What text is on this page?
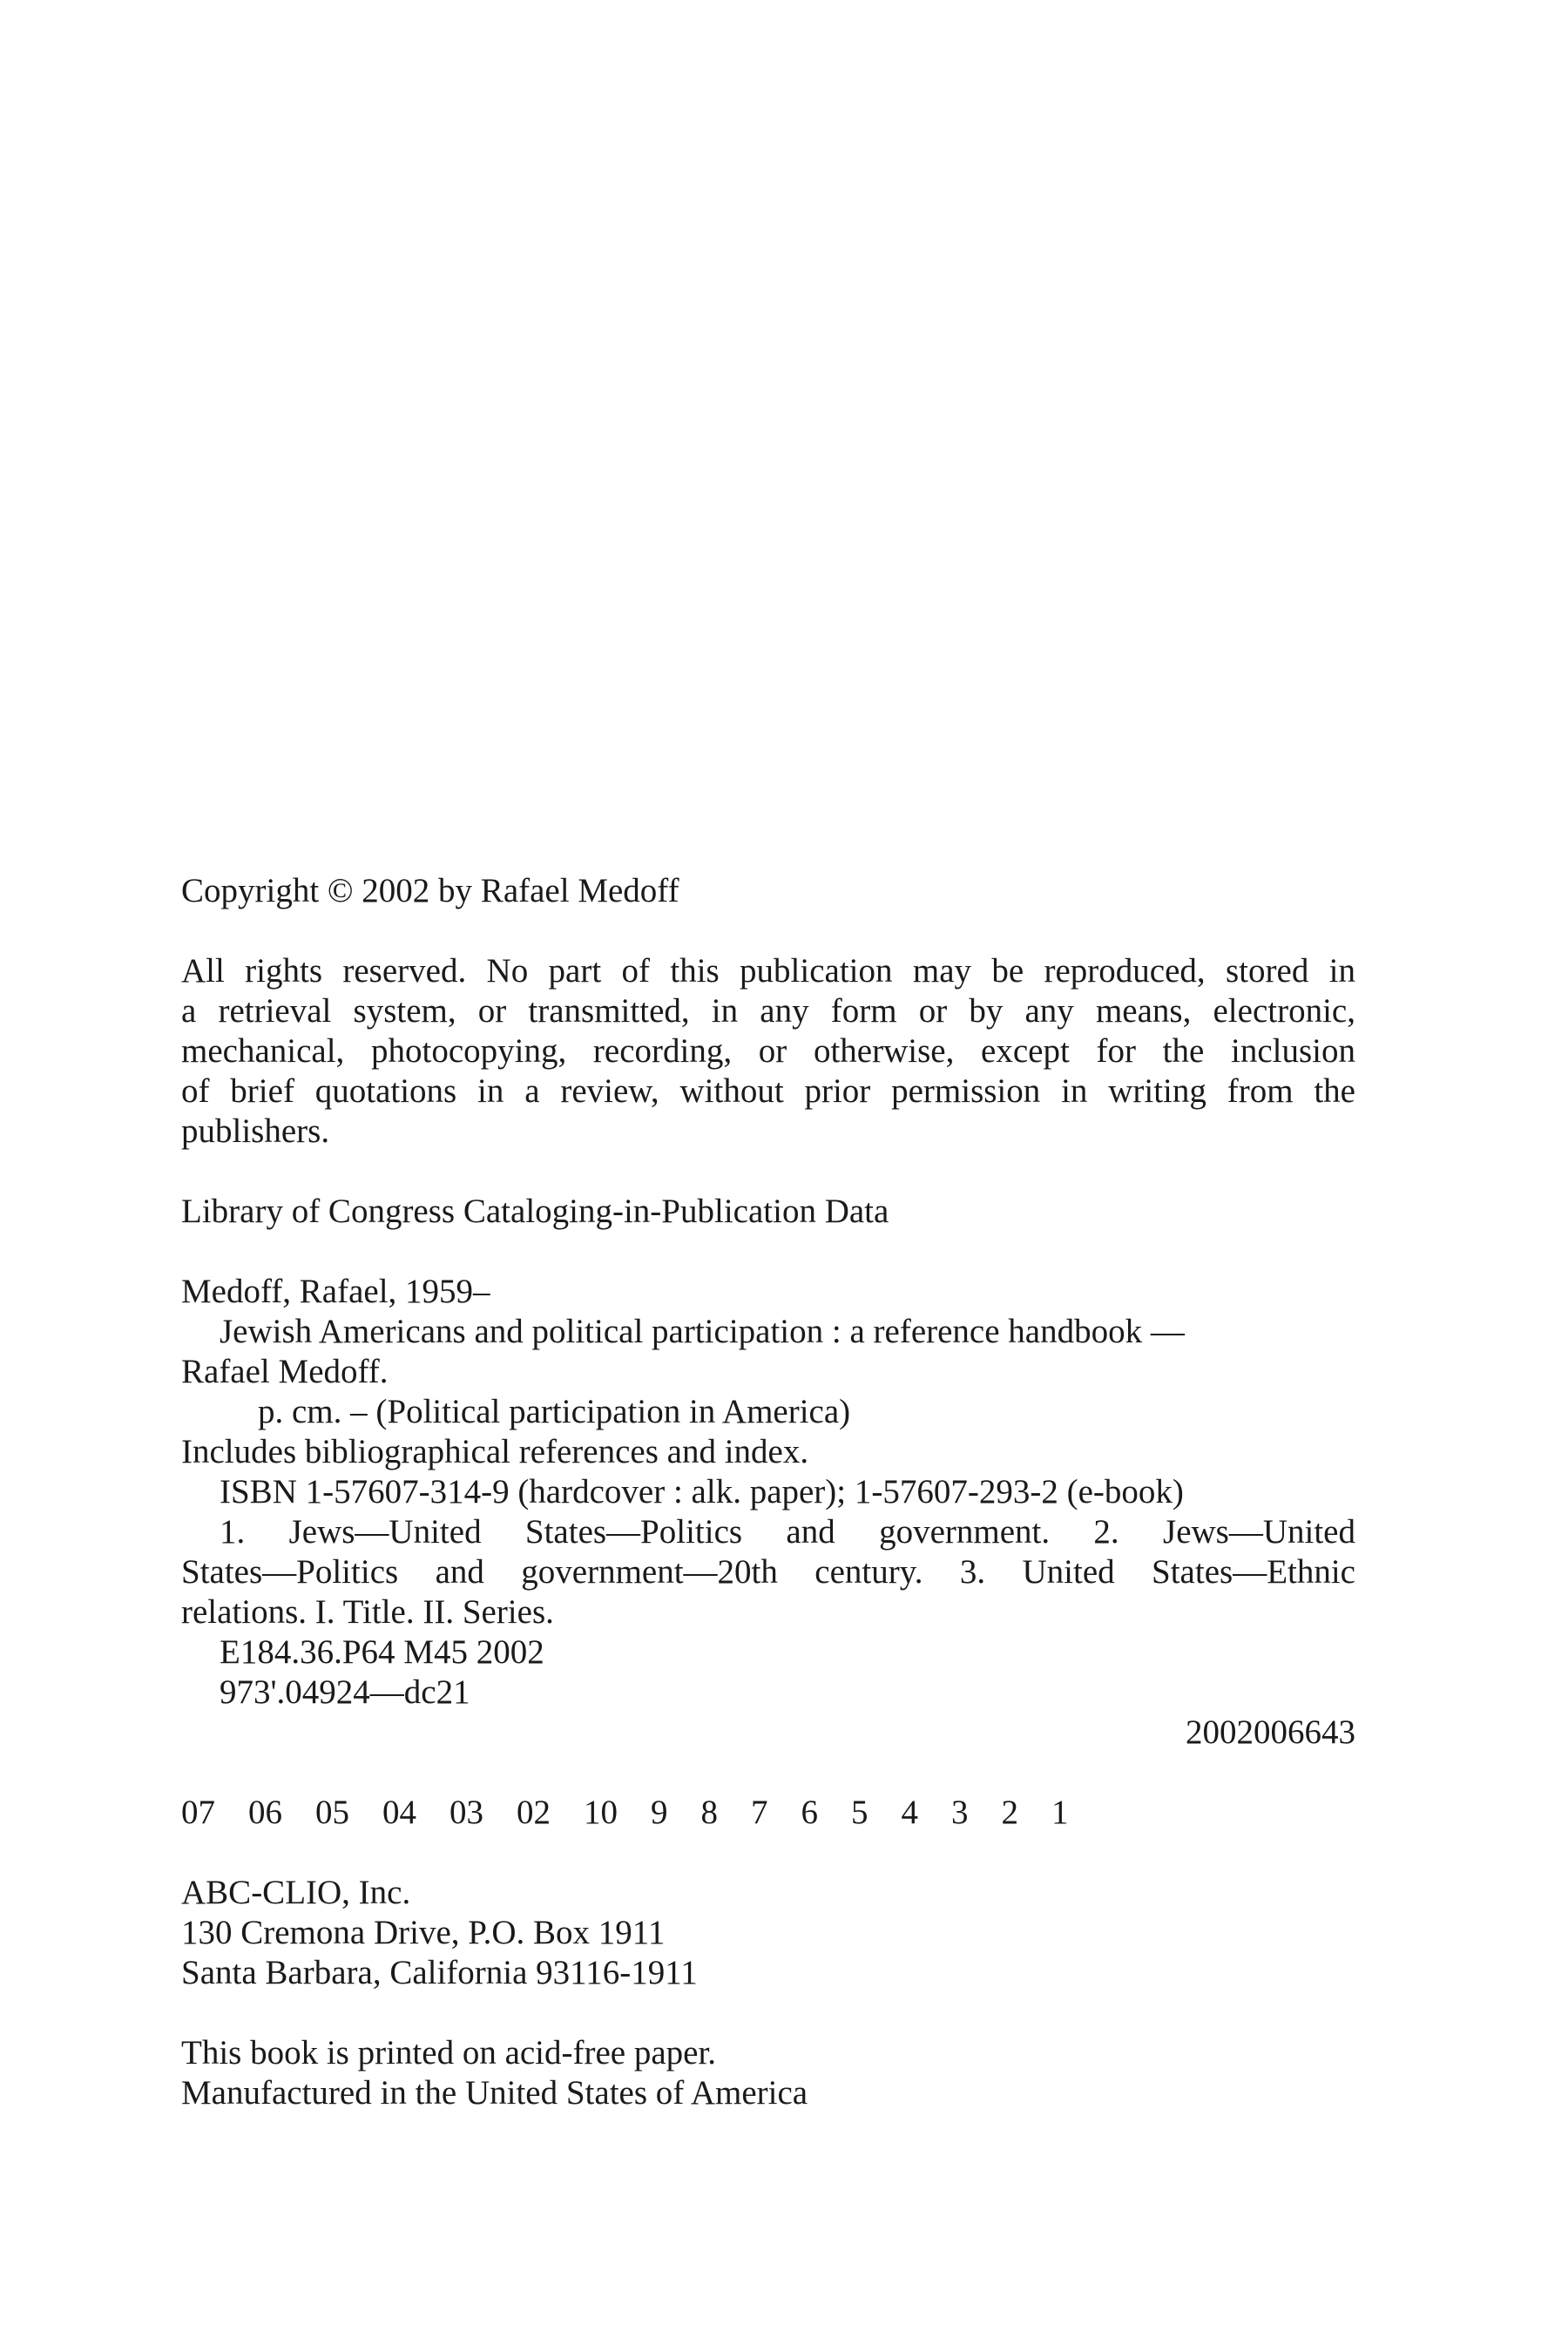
Copyright © 2002 by Rafael Medoff
All rights reserved. No part of this publication may be reproduced, stored in
a retrieval system, or transmitted, in any form or by any means, electronic,
mechanical, photocopying, recording, or otherwise, except for the inclusion
of brief quotations in a review, without prior permission in writing from the
publishers.
Library of Congress Cataloging-in-Publication Data
Medoff, Rafael, 1959–
Jewish Americans and political participation : a reference handbook —
Rafael Medoff.
p. cm. – (Political participation in America)
Includes bibliographical references and index.
ISBN 1-57607-314-9 (hardcover : alk. paper); 1-57607-293-2 (e-book)
1. Jews—United States—Politics and government. 2. Jews—United
States—Politics and government—20th century. 3. United States—Ethnic
relations. I. Title. II. Series.
E184.36.P64 M45 2002
973'.04924—dc21
2002006643
07 06 05 04 03 02 10 9 8 7 6 5 4 3 2 1
ABC-CLIO, Inc.
130 Cremona Drive, P.O. Box 1911
Santa Barbara, California 93116-1911
This book is printed on acid-free paper.
Manufactured in the United States of America
